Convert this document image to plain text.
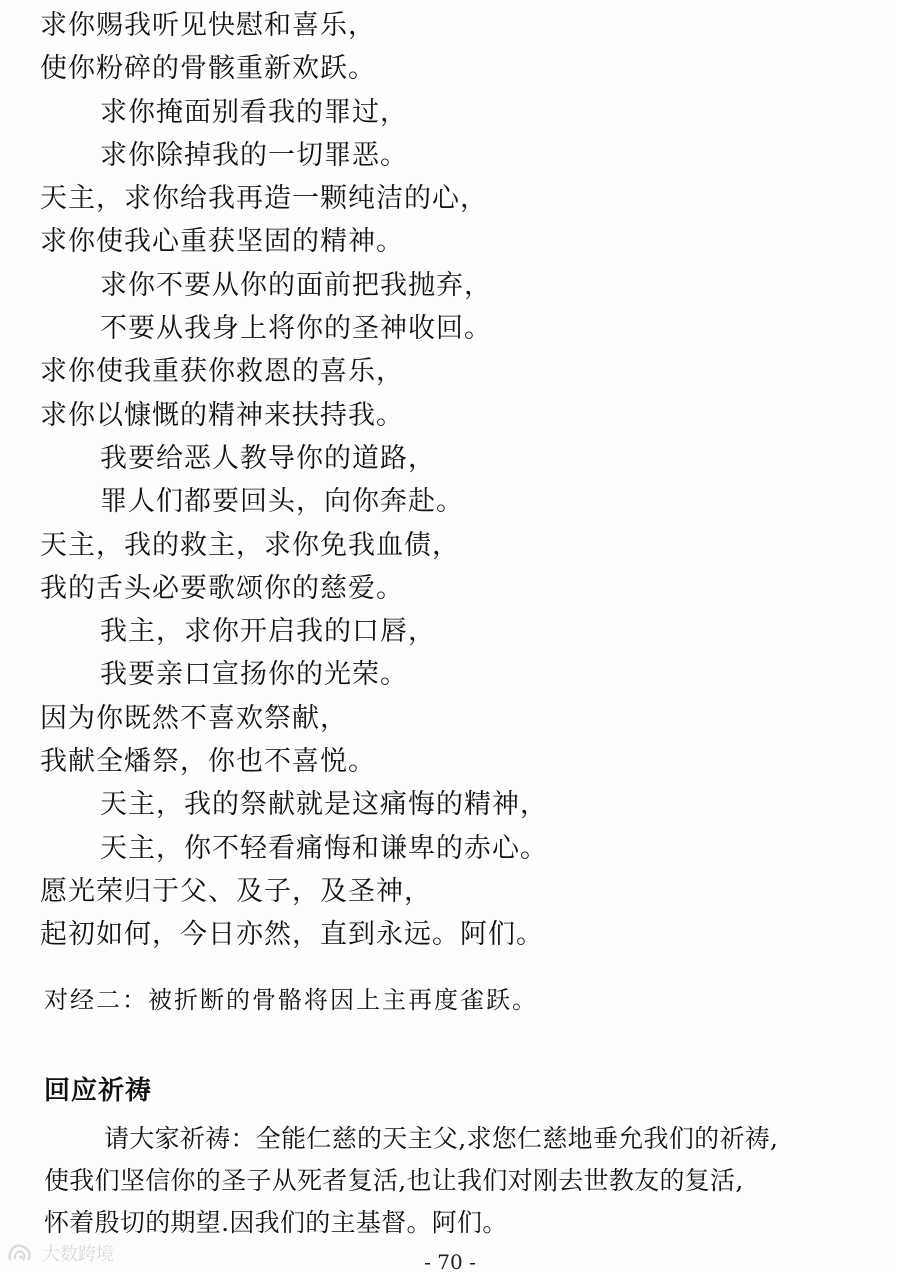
求你赐我听见快慰和喜乐，
使你粉碎的骨骸重新欢跃。
求你掩面别看我的罪过，
求你除掉我的一切罪恶。
天主，求你给我再造一颗纯洁的心，
求你使我心重获坚固的精神。
求你不要从你的面前把我抛弃，
不要从我身上将你的圣神收回。
求你使我重获你救恩的喜乐，
求你以慷慨的精神来扶持我。
我要给恶人教导你的道路，
罪人们都要回头，向你奔赴。
天主，我的救主，求你免我血债，
我的舌头必要歌颂你的慈爱。
我主，求你开启我的口唇，
我要亲口宣扬你的光荣。
因为你既然不喜欢祭献，
我献全燔祭，你也不喜悦。
天主，我的祭献就是这痛悔的精神，
天主，你不轻看痛悔和谦卑的赤心。
愿光荣归于父、及子，及圣神，
起初如何，今日亦然，直到永远。阿们。
对经二：被折断的骨骼将因上主再度雀跃。
回应祈祷
请大家祈祷：全能仁慈的天主父,求您仁慈地垂允我们的祈祷,
使我们坚信你的圣子从死者复活,也让我们对刚去世教友的复活,
怀着殷切的期望.因我们的主基督。阿们。
大数跨境	- 70 -
